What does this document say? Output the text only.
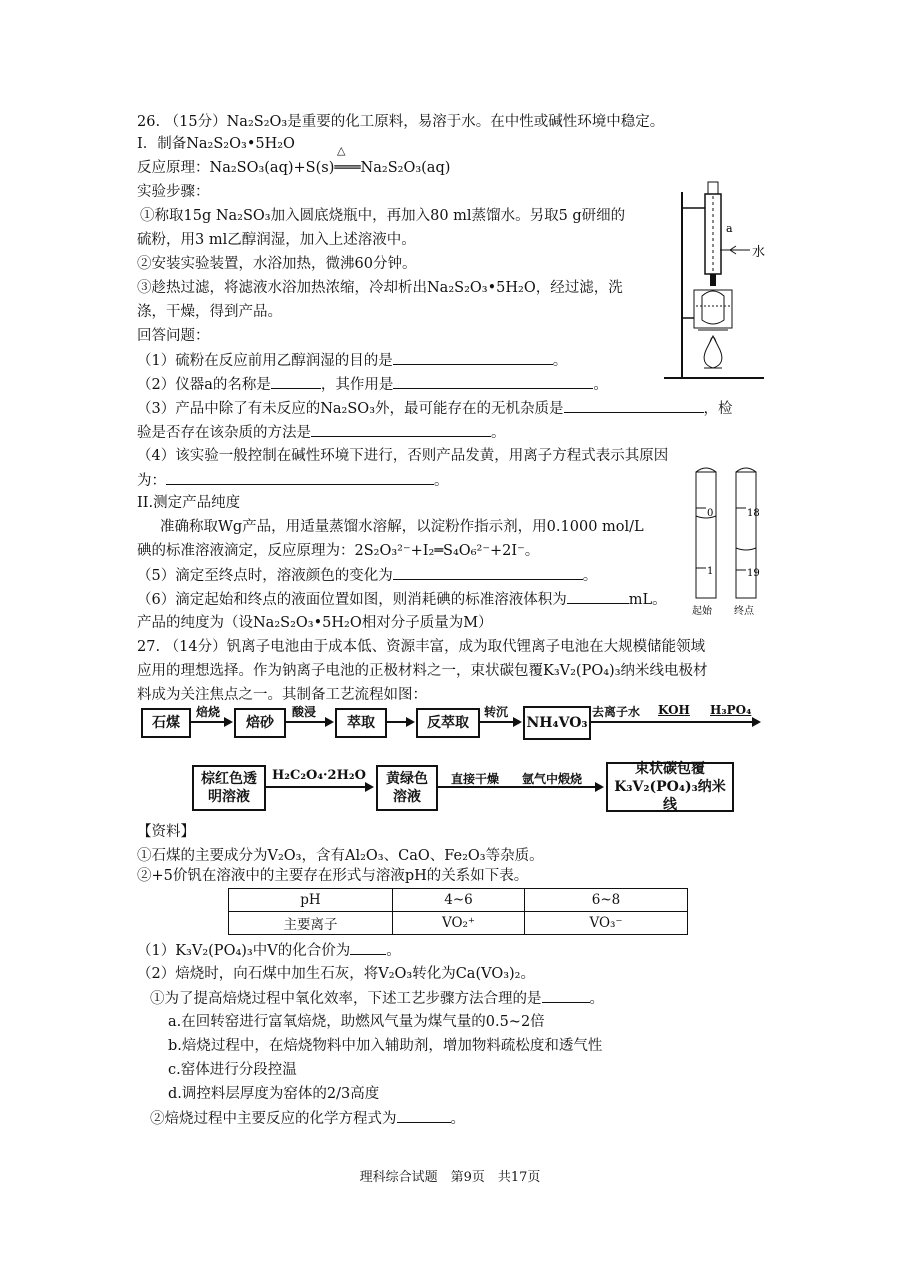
26. （15分）Na₂S₂O₃是重要的化工原料，易溶于水。在中性或碱性环境中稳定。
I．制备Na₂S₂O₃•5H₂O
反应原理：Na₂SO₃(aq)+S(s)═══Na₂S₂O₃(aq)
△
实验步骤：
①称取15g Na₂SO₃加入圆底烧瓶中，再加入80 ml蒸馏水。另取5 g研细的
硫粉，用3 ml乙醇润湿，加入上述溶液中。
②安装实验装置，水浴加热，微沸60分钟。
③趁热过滤，将滤液水浴加热浓缩，冷却析出Na₂S₂O₃•5H₂O，经过滤，洗
涤，干燥，得到产品。
回答问题：
（1）硫粉在反应前用乙醇润湿的目的是	。
（2）仪器a的名称是	，其作用是	。
（3）产品中除了有未反应的Na₂SO₃外，最可能存在的无机杂质是	，检
验是否存在该杂质的方法是	。
（4）该实验一般控制在碱性环境下进行，否则产品发黄，用离子方程式表示其原因
为：	。
II.测定产品纯度
准确称取Wg产品，用适量蒸馏水溶解，以淀粉作指示剂，用0.1000 mol/L
碘的标准溶液滴定，反应原理为：2S₂O₃²⁻+I₂═S₄O₆²⁻+2I⁻。
（5）滴定至终点时，溶液颜色的变化为	。
（6）滴定起始和终点的液面位置如图，则消耗碘的标准溶液体积为	mL。
产品的纯度为（设Na₂S₂O₃•5H₂O相对分子质量为M）
a
水
0
1
起始
18
19
终点
27. （14分）钒离子电池由于成本低、资源丰富，成为取代锂离子电池在大规模储能领域
应用的理想选择。作为钠离子电池的正极材料之一，束状碳包覆K₃V₂(PO₄)₃纳米线电极材
料成为关注焦点之一。其制备工艺流程如图：
石煤
焙烧
焙砂
酸浸
萃取	反萃取
转沉
NH₄VO₃
去离子水 KOH H₃PO₄
棕红色透明溶液
H₂C₂O₄·2H₂O 黄绿色溶液
直接干燥 氩气中煅烧
束状碳包覆K₃V₂(PO₄)₃纳米线
【资料】
①石煤的主要成分为V₂O₃，含有Al₂O₃、CaO、Fe₂O₃等杂质。
②+5价钒在溶液中的主要存在形式与溶液pH的关系如下表。
pH	4~6	6~8
主要离子	VO₂⁺	VO₃⁻
（1）K₃V₂(PO₄)₃中V的化合价为 。
（2）焙烧时，向石煤中加生石灰，将V₂O₃转化为Ca(VO₃)₂。
①为了提高焙烧过程中氧化效率，下述工艺步骤方法合理的是	。
a.在回转窑进行富氧焙烧，助燃风气量为煤气量的0.5~2倍
b.焙烧过程中，在焙烧物料中加入辅助剂，增加物料疏松度和透气性
c.窑体进行分段控温
d.调控料层厚度为窑体的2/3高度
②焙烧过程中主要反应的化学方程式为	。
理科综合试题　第9页　共17页
